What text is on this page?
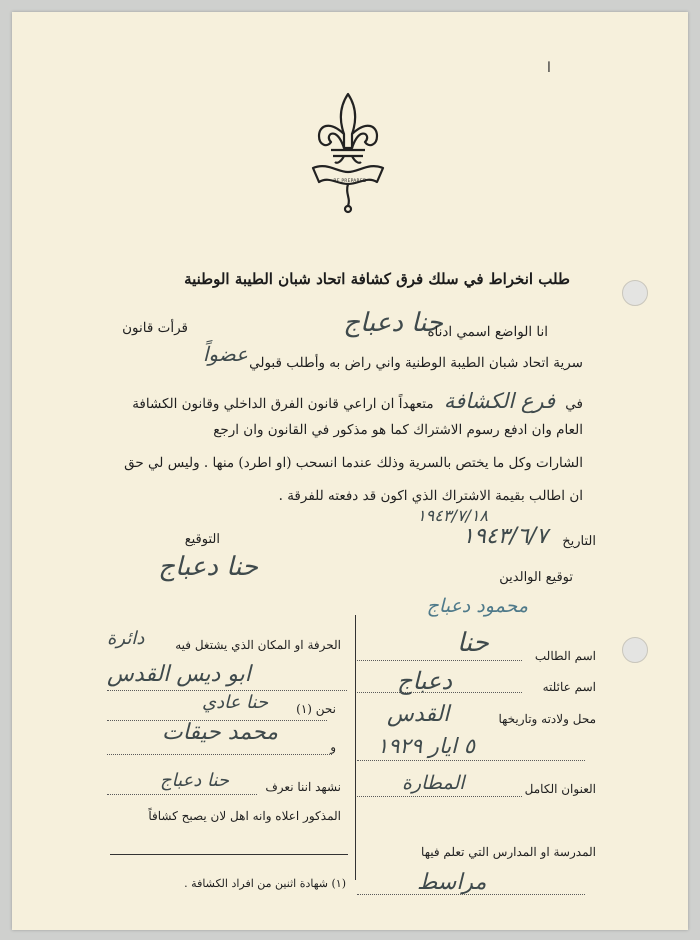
ا
BE PREPARED
طلب انخراط في سلك فرق كشافة اتحاد شبان الطيبة الوطنية
قرأت قانون	حنا دعباج
انا الواضع اسمي ادناه
عضواً سرية اتحاد شبان الطيبة الوطنية واني راض به وأطلب قبولي
في فرع الكشافة متعهداً ان اراعي قانون الفرق الداخلي وقانون الكشافة
العام وان ادفع رسوم الاشتراك كما هو مذكور في القانون وان ارجع
الشارات وكل ما يختص بالسرية وذلك عندما انسحب (او اطرد) منها . وليس لي حق
ان اطالب بقيمة الاشتراك الذي اكون قد دفعته للفرقة .
١٩٤٣/٧/١٨
التاريخ
١٩٤٣/٦/٧
التوقيع
حنا دعباج	توقيع الوالدين
محمود دعباج
الحرفة او المكان الذي يشتغل فيه
دائرة
ابو ديس القدس
نحن (١)
حنا عادي
محمد حيقات
و
نشهد اننا نعرف
حنا دعباج
المذكور اعلاه وانه اهل لان يصبح كشافاً
(١) شهادة اثنين من افراد الكشافة .
اسم الطالب
حنا
اسم عائلته
دعباج
محل ولادته وتاريخها
القدس
٥ ايار ١٩٢٩
العنوان الكامل
المطارة
المدرسة او المدارس التي تعلم فيها
مراسط
